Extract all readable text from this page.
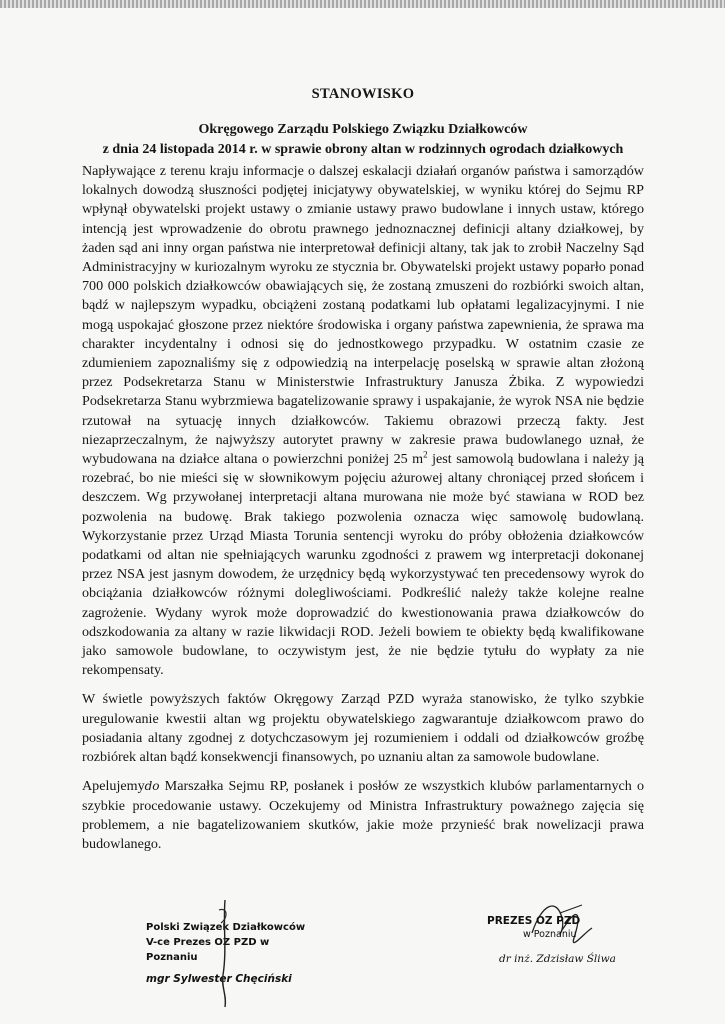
STANOWISKO
Okręgowego Zarządu Polskiego Związku Działkowców
z dnia 24 listopada 2014 r. w sprawie obrony altan w rodzinnych ogrodach działkowych

Napływające z terenu kraju informacje o dalszej eskalacji działań organów państwa i samorządów lokalnych dowodzą słuszności podjętej inicjatywy obywatelskiej, w wyniku której do Sejmu RP wpłynął obywatelski projekt ustawy o zmianie ustawy prawo budowlane i innych ustaw, którego intencją jest wprowadzenie do obrotu prawnego jednoznacznej definicji altany działkowej, by żaden sąd ani inny organ państwa nie interpretował definicji altany, tak jak to zrobił Naczelny Sąd Administracyjny w kuriozalnym wyroku ze stycznia br. Obywatelski projekt ustawy poparło ponad 700 000 polskich działkowców obawiających się, że zostaną zmuszeni do rozbiórki swoich altan, bądź w najlepszym wypadku, obciążeni zostaną podatkami lub opłatami legalizacyjnymi. I nie mogą uspokajać głoszone przez niektóre środowiska i organy państwa zapewnienia, że sprawa ma charakter incydentalny i odnosi się do jednostkowego przypadku. W ostatnim czasie ze zdumieniem zapoznaliśmy się z odpowiedzią na interpelację poselską w sprawie altan złożoną przez Podsekretarza Stanu w Ministerstwie Infrastruktury Janusza Żbika. Z wypowiedzi Podsekretarza Stanu wybrzmiewa bagatelizowanie sprawy i uspakajanie, że wyrok NSA nie będzie rzutował na sytuację innych działkowców. Takiemu obrazowi przeczą fakty. Jest niezaprzeczalnym, że najwyższy autorytet prawny w zakresie prawa budowlanego uznał, że wybudowana na działce altana o powierzchni poniżej 25 $m^2$ jest samowolą budowlana i należy ją rozebrać, bo nie mieści się w słownikowym pojęciu ażurowej altany chroniącej przed słońcem i deszczem. Wg przywołanej interpretacji altana murowana nie może być stawiana w ROD bez pozwolenia na budowę. Brak takiego pozwolenia oznacza więc samowolę budowlaną. Wykorzystanie przez Urząd Miasta Torunia sentencji wyroku do próby obłożenia działkowców podatkami od altan nie spełniających warunku zgodności z prawem wg interpretacji dokonanej przez NSA jest jasnym dowodem, że urzędnicy będą wykorzystywać ten precedensowy wyrok do obciążania działkowców różnymi dolegliwościami. Podkreślić należy także kolejne realne zagrożenie. Wydany wyrok może doprowadzić do kwestionowania prawa działkowców do odszkodowania za altany w razie likwidacji ROD. Jeżeli bowiem te obiekty będą kwalifikowane jako samowole budowlane, to oczywistym jest, że nie będzie tytułu do wypłaty za nie rekompensaty.

W świetle powyższych faktów Okręgowy Zarząd PZD wyraża stanowisko, że tylko szybkie uregulowanie kwestii altan wg projektu obywatelskiego zagwarantuje działkowcom prawo do posiadania altany zgodnej z dotychczasowym jej rozumieniem i oddali od działkowców groźbę rozbiórek altan bądź konsekwencji finansowych, po uznaniu altan za samowole budowlane.

Apelujemydo Marszałka Sejmu RP, posłanek i posłów ze wszystkich klubów parlamentarnych o szybkie procedowanie ustawy. Oczekujemy od Ministra Infrastruktury poważnego zajęcia się problemem, a nie bagatelizowaniem skutków, jakie może przynieść brak nowelizacji prawa budowlanego.

Polski Związek Działkowców
V-ce Prezes OZ PZD w Poznaniu
mgr Sylwester Chęciński
PREZES OZ PZD
w Poznaniu
dr inż. Zdzisław Śliwa
